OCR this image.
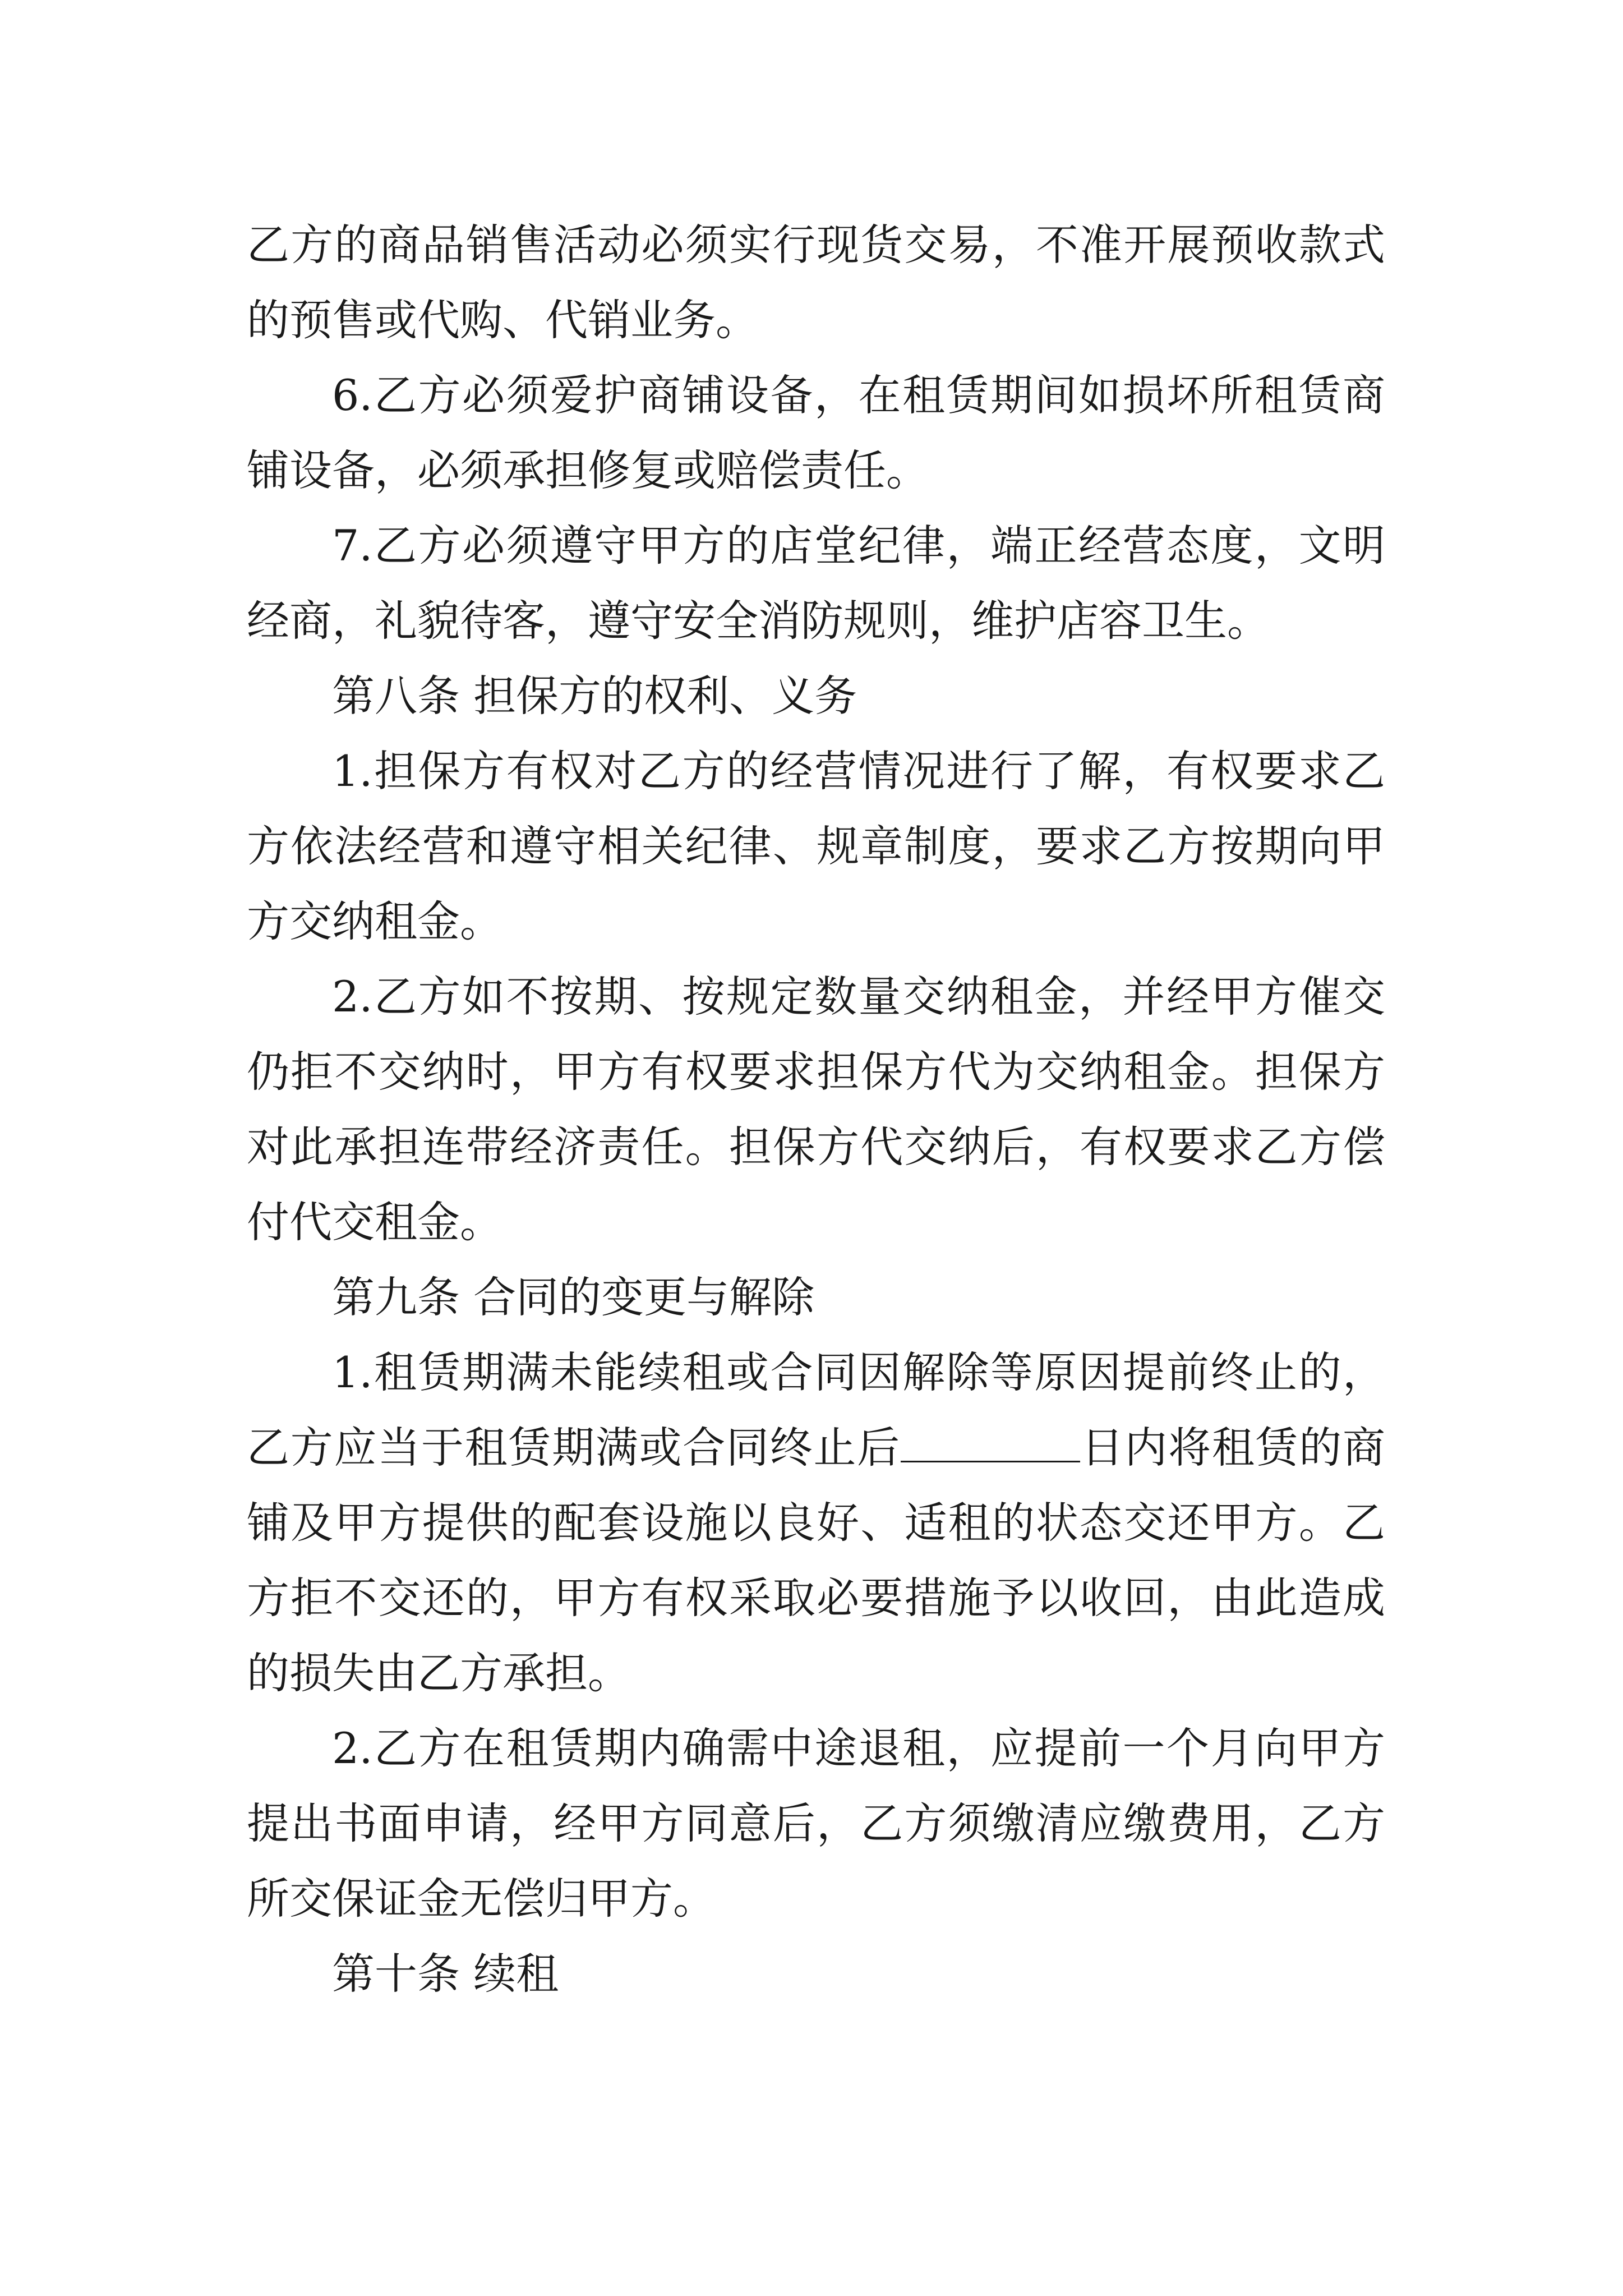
乙方的商品销售活动必须实行现货交易，不准开展预收款式的预售或代购、代销业务。

6.乙方必须爱护商铺设备，在租赁期间如损坏所租赁商铺设备，必须承担修复或赔偿责任。

7.乙方必须遵守甲方的店堂纪律，端正经营态度，文明经商，礼貌待客，遵守安全消防规则，维护店容卫生。

第八条 担保方的权利、义务

1.担保方有权对乙方的经营情况进行了解，有权要求乙方依法经营和遵守相关纪律、规章制度，要求乙方按期向甲方交纳租金。

2.乙方如不按期、按规定数量交纳租金，并经甲方催交仍拒不交纳时，甲方有权要求担保方代为交纳租金。担保方对此承担连带经济责任。担保方代交纳后，有权要求乙方偿付代交租金。

第九条 合同的变更与解除

1.租赁期满未能续租或合同因解除等原因提前终止的，乙方应当于租赁期满或合同终止后	日内将租赁的商铺及甲方提供的配套设施以良好、适租的状态交还甲方。乙方拒不交还的，甲方有权采取必要措施予以收回，由此造成的损失由乙方承担。

2.乙方在租赁期内确需中途退租，应提前一个月向甲方提出书面申请，经甲方同意后，乙方须缴清应缴费用，乙方所交保证金无偿归甲方。

第十条 续租
